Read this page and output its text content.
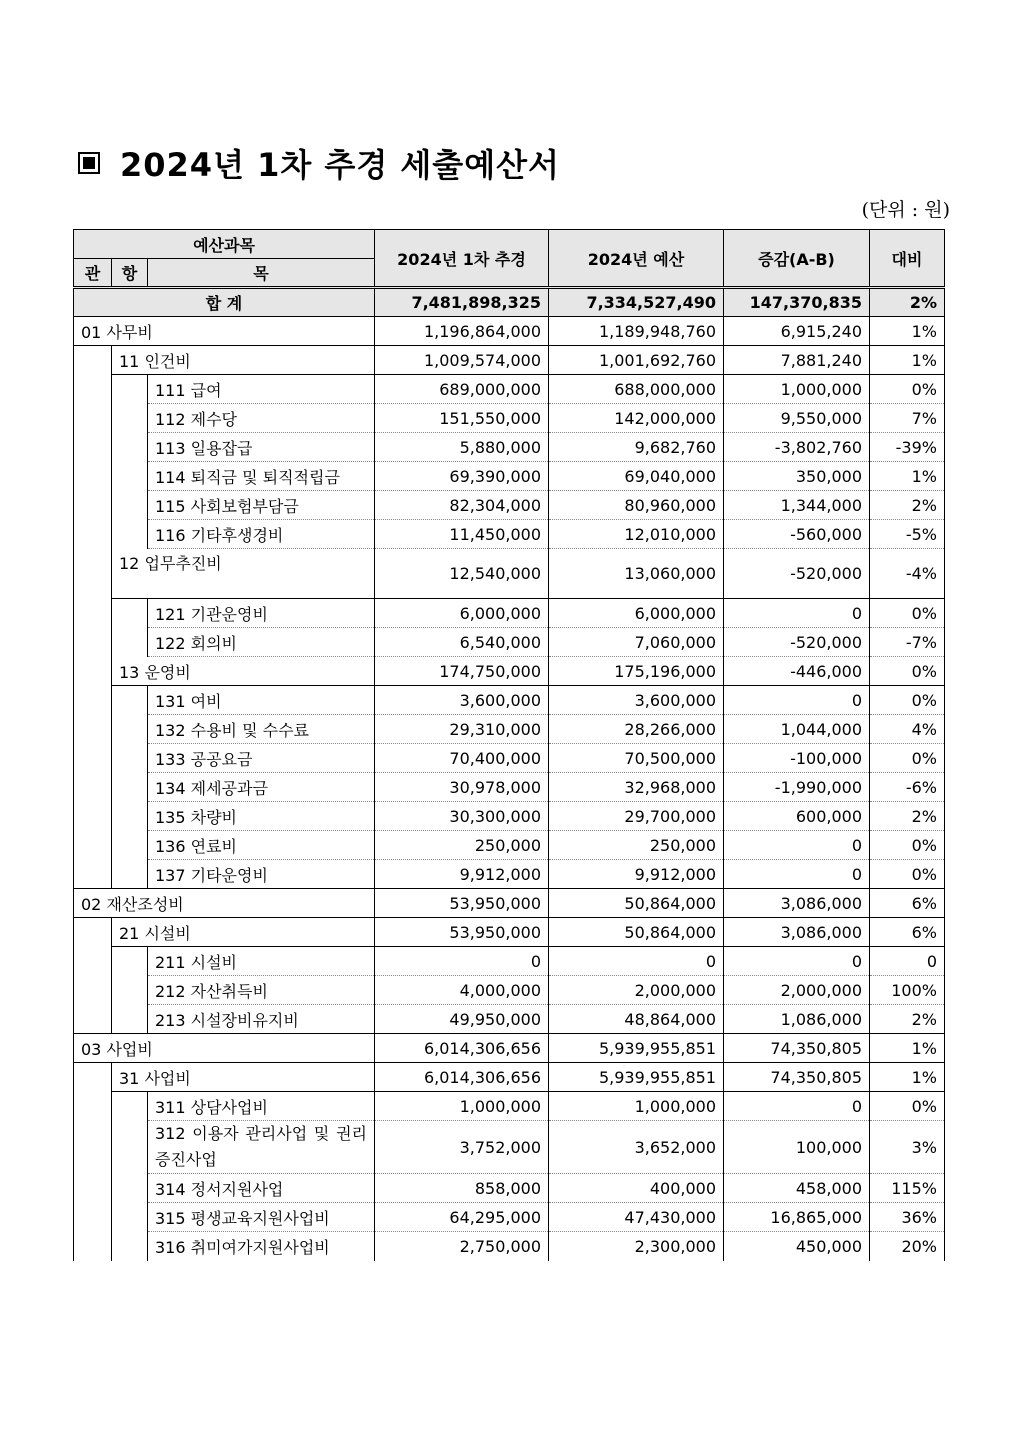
2024년 1차 추경 세출예산서
(단위 : 원)
예산과목			2024년 1차 추경	2024년 예산	증감(A-B)	대비
관	항	목				
합 계			7,481,898,325	7,334,527,490	147,370,835	2%
01 사무비			1,196,864,000	1,189,948,760	6,915,240	1%
	11 인건비		1,009,574,000	1,001,692,760	7,881,240	1%
		111 급여	689,000,000	688,000,000	1,000,000	0%
		112 제수당	151,550,000	142,000,000	9,550,000	7%
		113 일용잡급	5,880,000	9,682,760	-3,802,760	-39%
		114 퇴직금 및 퇴직적립금	69,390,000	69,040,000	350,000	1%
		115 사회보험부담금	82,304,000	80,960,000	1,344,000	2%
		116 기타후생경비	11,450,000	12,010,000	-560,000	-5%
	12 업무추진비		12,540,000	13,060,000	-520,000	-4%
		121 기관운영비	6,000,000	6,000,000	0	0%
		122 회의비	6,540,000	7,060,000	-520,000	-7%
	13 운영비		174,750,000	175,196,000	-446,000	0%
		131 여비	3,600,000	3,600,000	0	0%
		132 수용비 및 수수료	29,310,000	28,266,000	1,044,000	4%
		133 공공요금	70,400,000	70,500,000	-100,000	0%
		134 제세공과금	30,978,000	32,968,000	-1,990,000	-6%
		135 차량비	30,300,000	29,700,000	600,000	2%
		136 연료비	250,000	250,000	0	0%
		137 기타운영비	9,912,000	9,912,000	0	0%
02 재산조성비			53,950,000	50,864,000	3,086,000	6%
	21 시설비		53,950,000	50,864,000	3,086,000	6%
		211 시설비	0	0	0	0
		212 자산취득비	4,000,000	2,000,000	2,000,000	100%
		213 시설장비유지비	49,950,000	48,864,000	1,086,000	2%
03 사업비			6,014,306,656	5,939,955,851	74,350,805	1%
	31 사업비		6,014,306,656	5,939,955,851	74,350,805	1%
		311 상담사업비	1,000,000	1,000,000	0	0%
		312 이용자 관리사업 및 권리증진사업	3,752,000	3,652,000	100,000	3%
		314 정서지원사업	858,000	400,000	458,000	115%
		315 평생교육지원사업비	64,295,000	47,430,000	16,865,000	36%
		316 취미여가지원사업비	2,750,000	2,300,000	450,000	20%
